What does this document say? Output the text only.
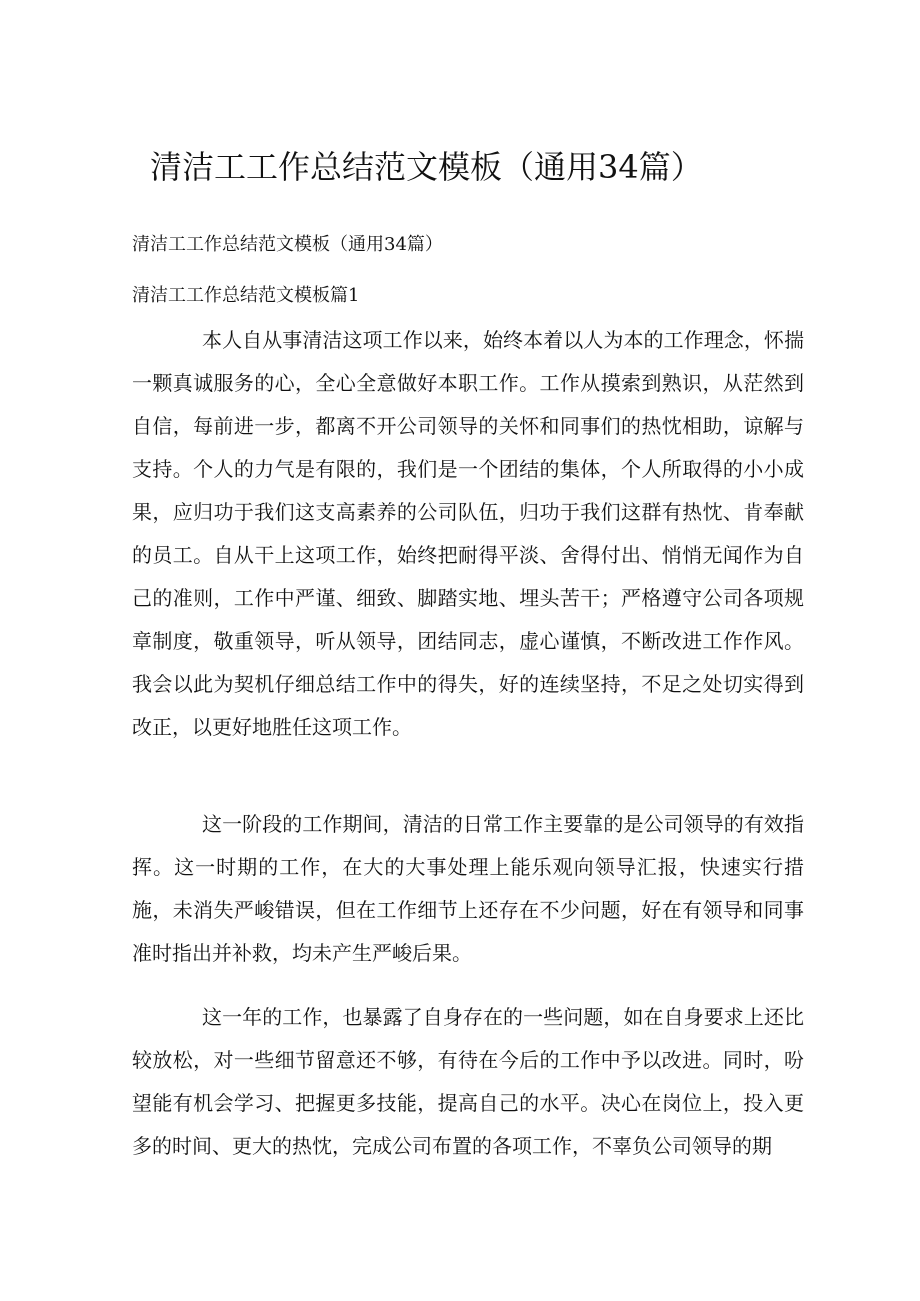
清洁工工作总结范文模板（通用34篇）

清洁工工作总结范文模板（通用34篇）

清洁工工作总结范文模板篇1

本人自从事清洁这项工作以来，始终本着以人为本的工作理念，怀揣一颗真诚服务的心，全心全意做好本职工作。工作从摸索到熟识，从茫然到自信，每前进一步，都离不开公司领导的关怀和同事们的热忱相助，谅解与支持。个人的力气是有限的，我们是一个团结的集体，个人所取得的小小成果，应归功于我们这支高素养的公司队伍，归功于我们这群有热忱、肯奉献的员工。自从干上这项工作，始终把耐得平淡、舍得付出、悄悄无闻作为自己的准则，工作中严谨、细致、脚踏实地、埋头苦干；严格遵守公司各项规章制度，敬重领导，听从领导，团结同志，虚心谨慎，不断改进工作作风。我会以此为契机仔细总结工作中的得失，好的连续坚持，不足之处切实得到改正，以更好地胜任这项工作。

这一阶段的工作期间，清洁的日常工作主要靠的是公司领导的有效指挥。这一时期的工作，在大的大事处理上能乐观向领导汇报，快速实行措施，未消失严峻错误，但在工作细节上还存在不少问题，好在有领导和同事准时指出并补救，均未产生严峻后果。

这一年的工作，也暴露了自身存在的一些问题，如在自身要求上还比较放松，对一些细节留意还不够，有待在今后的工作中予以改进。同时，吩望能有机会学习、把握更多技能，提高自己的水平。决心在岗位上，投入更多的时间、更大的热忱，完成公司布置的各项工作，不辜负公司领导的期
